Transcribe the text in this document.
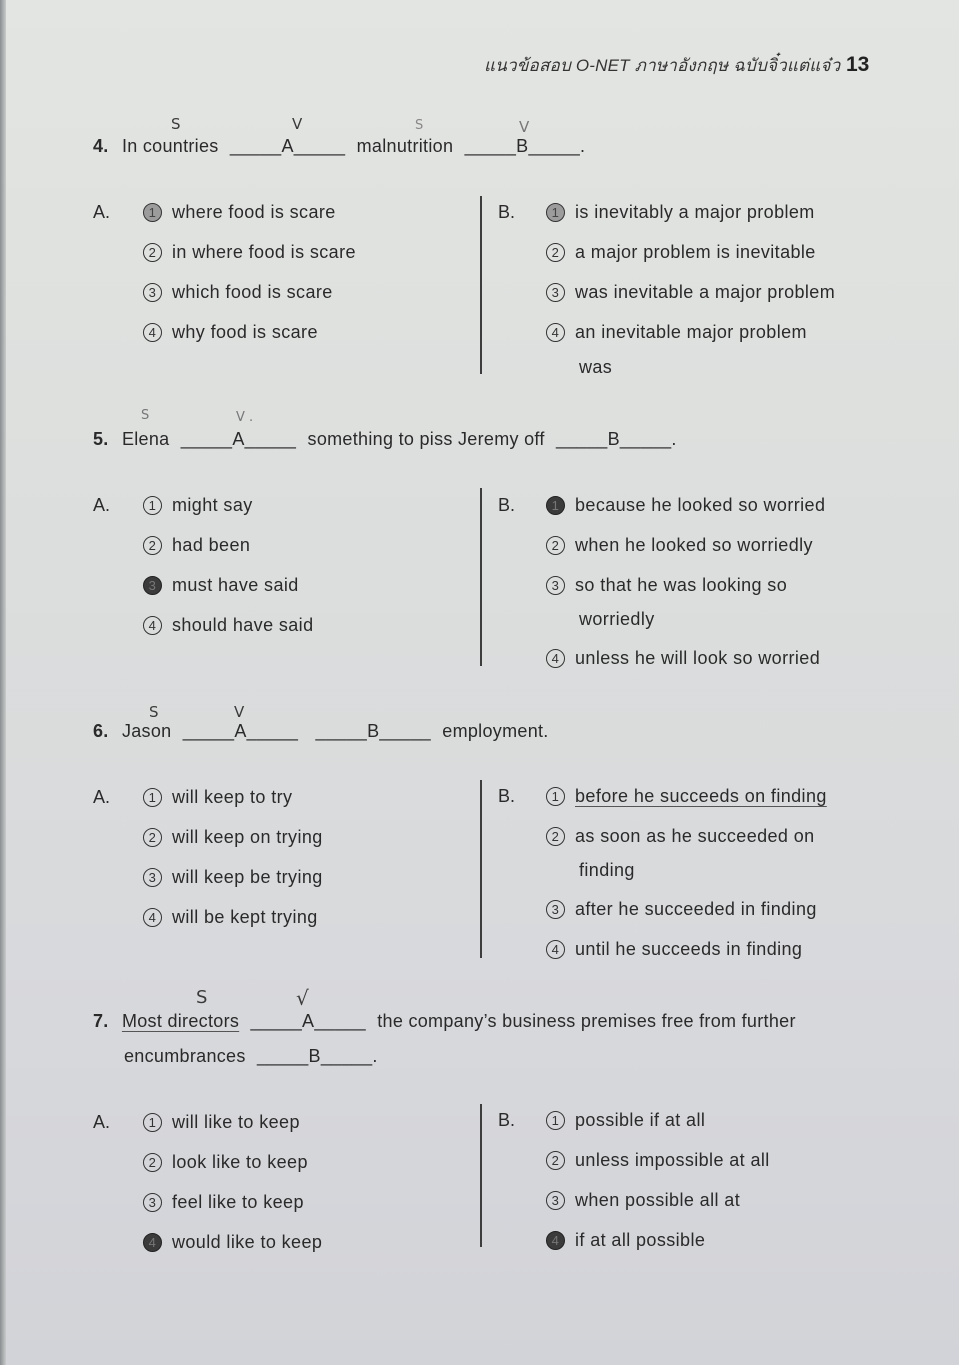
แนวข้อสอบ O-NET ภาษาอังกฤษ ฉบับจิ๋วแต่แจ๋ว 13
S	V	S	V
4. In countries _____A_____ malnutrition _____B_____.
A.	1 where food is scare
2 in where food is scare
3 which food is scare
4 why food is scare
B.	1 is inevitably a major problem
2 a major problem is inevitable
3 was inevitable a major problem
4 an inevitable major problem
was
S	V .
5. Elena _____A_____ something to piss Jeremy off _____B_____.
A.	1 might say
2 had been
3 must have said
4 should have said
B.	1 because he looked so worried
2 when he looked so worriedly
3 so that he was looking so
worriedly
4 unless he will look so worried
S	V
6. Jason _____A_____ _____B_____ employment.
A.	1 will keep to try
2 will keep on trying
3 will keep be trying
4 will be kept trying
B.	1 before he succeeds on finding
2 as soon as he succeeded on
finding
3 after he succeeded in finding
4 until he succeeds in finding
S	√
7. Most directors _____A_____ the company’s business premises free from further
encumbrances _____B_____.
A.	1 will like to keep
2 look like to keep
3 feel like to keep
4 would like to keep
B.	1 possible if at all
2 unless impossible at all
3 when possible all at
4 if at all possible
